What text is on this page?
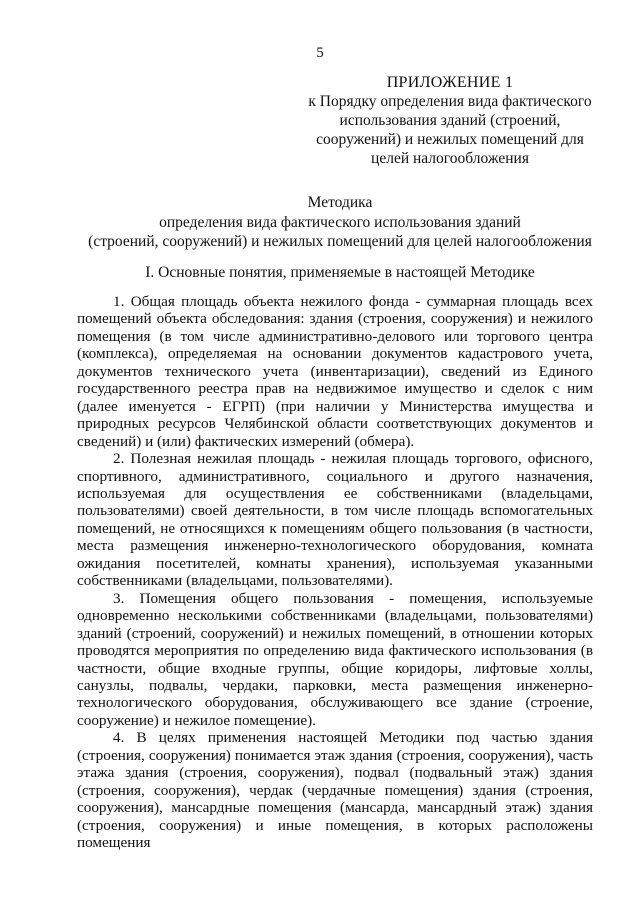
5
ПРИЛОЖЕНИЕ 1
к Порядку определения вида фактического
использования зданий (строений,
сооружений) и нежилых помещений для
целей налогообложения
Методика
определения вида фактического использования зданий
(строений, сооружений) и нежилых помещений для целей налогообложения
I. Основные понятия, применяемые в настоящей Методике

1. Общая площадь объекта нежилого фонда - суммарная площадь всех помещений объекта обследования: здания (строения, сооружения) и нежилого помещения (в том числе административно-делового или торгового центра (комплекса), определяемая на основании документов кадастрового учета, документов технического учета (инвентаризации), сведений из Единого государственного реестра прав на недвижимое имущество и сделок с ним (далее именуется - ЕГРП) (при наличии у Министерства имущества и природных ресурсов Челябинской области соответствующих документов и сведений) и (или) фактических измерений (обмера).

2. Полезная нежилая площадь - нежилая площадь торгового, офисного, спортивного, административного, социального и другого назначения, используемая для осуществления ее собственниками (владельцами, пользователями) своей деятельности, в том числе площадь вспомогательных помещений, не относящихся к помещениям общего пользования (в частности, места размещения инженерно-технологического оборудования, комната ожидания посетителей, комнаты хранения), используемая указанными собственниками (владельцами, пользователями).

3. Помещения общего пользования - помещения, используемые одновременно несколькими собственниками (владельцами, пользователями) зданий (строений, сооружений) и нежилых помещений, в отношении которых проводятся мероприятия по определению вида фактического использования (в частности, общие входные группы, общие коридоры, лифтовые холлы, санузлы, подвалы, чердаки, парковки, места размещения инженерно-технологического оборудования, обслуживающего все здание (строение, сооружение) и нежилое помещение).

4. В целях применения настоящей Методики под частью здания (строения, сооружения) понимается этаж здания (строения, сооружения), часть этажа здания (строения, сооружения), подвал (подвальный этаж) здания (строения, сооружения), чердак (чердачные помещения) здания (строения, сооружения), мансардные помещения (мансарда, мансардный этаж) здания (строения, сооружения) и иные помещения, в которых расположены помещения
